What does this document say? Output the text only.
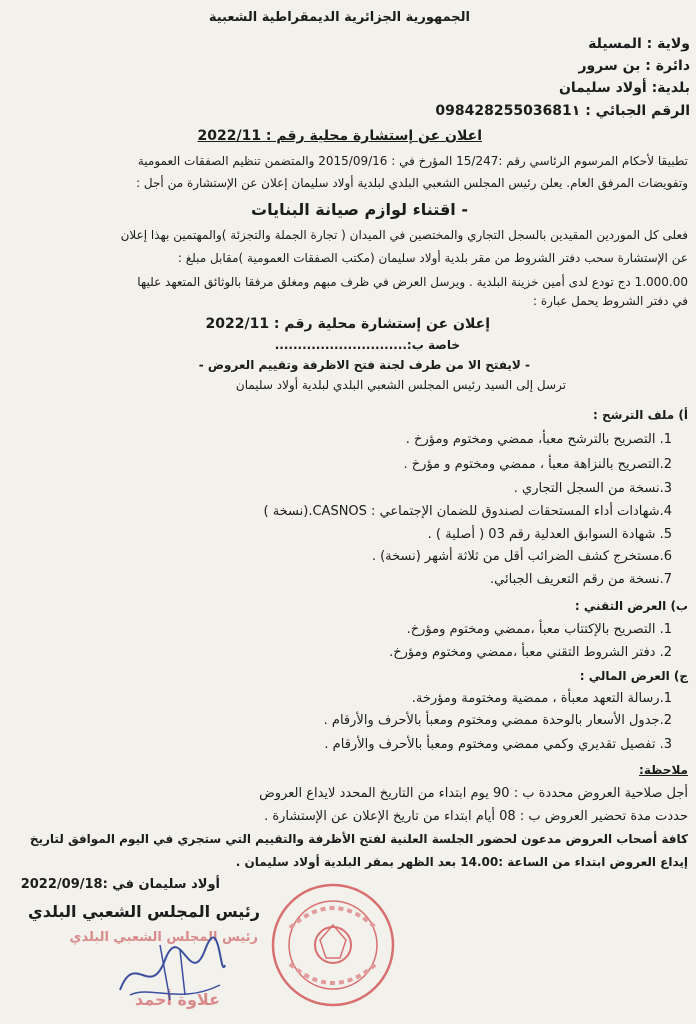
الجمهورية الجزائرية الديمقراطية الشعبية
ولاية : المسيلة
دائرة : بن سرور
بلدية: أولاد سليمان
الرقم الجبائي : 09842825503681١
اعلان عن إستشارة محلية رقم : 2022/11
تطبيقا لأحكام المرسوم الرئاسي رقم :15/247 المؤرخ في : 2015/09/16 والمتضمن تنظيم الصفقات العمومية
وتفويضات المرفق العام. يعلن رئيس المجلس الشعبي البلدي لبلدية أولاد سليمان إعلان عن الإستشارة من أجل :
- اقتناء لوازم صيانة البنايات
فعلى كل الموردين المقيدين بالسجل التجاري والمختصين في الميدان ( تجارة الجملة والتجزئة )والمهتمين بهذا إعلان
عن الإستشارة سحب دفتر الشروط من مقر بلدية أولاد سليمان (مكتب الصفقات العمومية )مقابل مبلغ :
1.000.00 دج تودع لدى أمين خزينة البلدية . ويرسل العرض في ظرف مبهم ومغلق مرفقا بالوثائق المتعهد عليها
في دفتر الشروط يحمل عبارة :
إعلان عن إستشارة محلية رقم : 2022/11
خاصة ب:.............................
- لايفتح الا من طرف لجنة فتح الاظرفة وتقييم العروض -
ترسل إلى السيد رئيس المجلس الشعبي البلدي لبلدية أولاد سليمان
أ) ملف الترشح :
1. التصريح بالترشح معبأ، ممضي ومختوم ومؤرخ .
2.التصريح بالنزاهة معبأ ، ممضي ومختوم و مؤرخ .
3.نسخة من السجل التجاري .
4.شهادات أداء المستحقات لصندوق للضمان الإجتماعي : CASNOS.(نسخة )
5. شهادة السوابق العدلية رقم 03 ( أصلية ) .
6.مستخرج كشف الضرائب أقل من ثلاثة أشهر (نسخة) .
7.نسخة من رقم التعريف الجبائي.
ب) العرض التقني :
1. التصريح بالإكتتاب معبأ ،ممضي ومختوم ومؤرخ.
2. دفتر الشروط التقني معبأ ،ممضي ومختوم ومؤرخ.
ج) العرض المالي :
1.رسالة التعهد معبأة ، ممضية ومختومة ومؤرخة.
2.جدول الأسعار بالوحدة ممضي ومختوم ومعبأ بالأحرف والأرقام .
3. تفصيل تقديري وكمي ممضي ومختوم ومعبأ بالأحرف والأرقام .
ملاحظة:
أجل صلاحية العروض محددة ب : 90 يوم ابتداء من التاريخ المحدد لايداع العروض
حددت مدة تحضير العروض ب : 08 أيام ابتداء من تاريخ الإعلان عن الإستشارة .
كافة أصحاب العروض مدعون لحضور الجلسة العلنية لفتح الأظرفة والتقييم التي ستجري في اليوم الموافق لتاريخ
إيداع العروض ابتداء من الساعة :14.00 بعد الظهر بمقر البلدية أولاد سليمان .
أولاد سليمان في :2022/09/18
رئيس المجلس الشعبي البلدي
رئيس المجلس الشعبي البلدي
علاوة أحمد
